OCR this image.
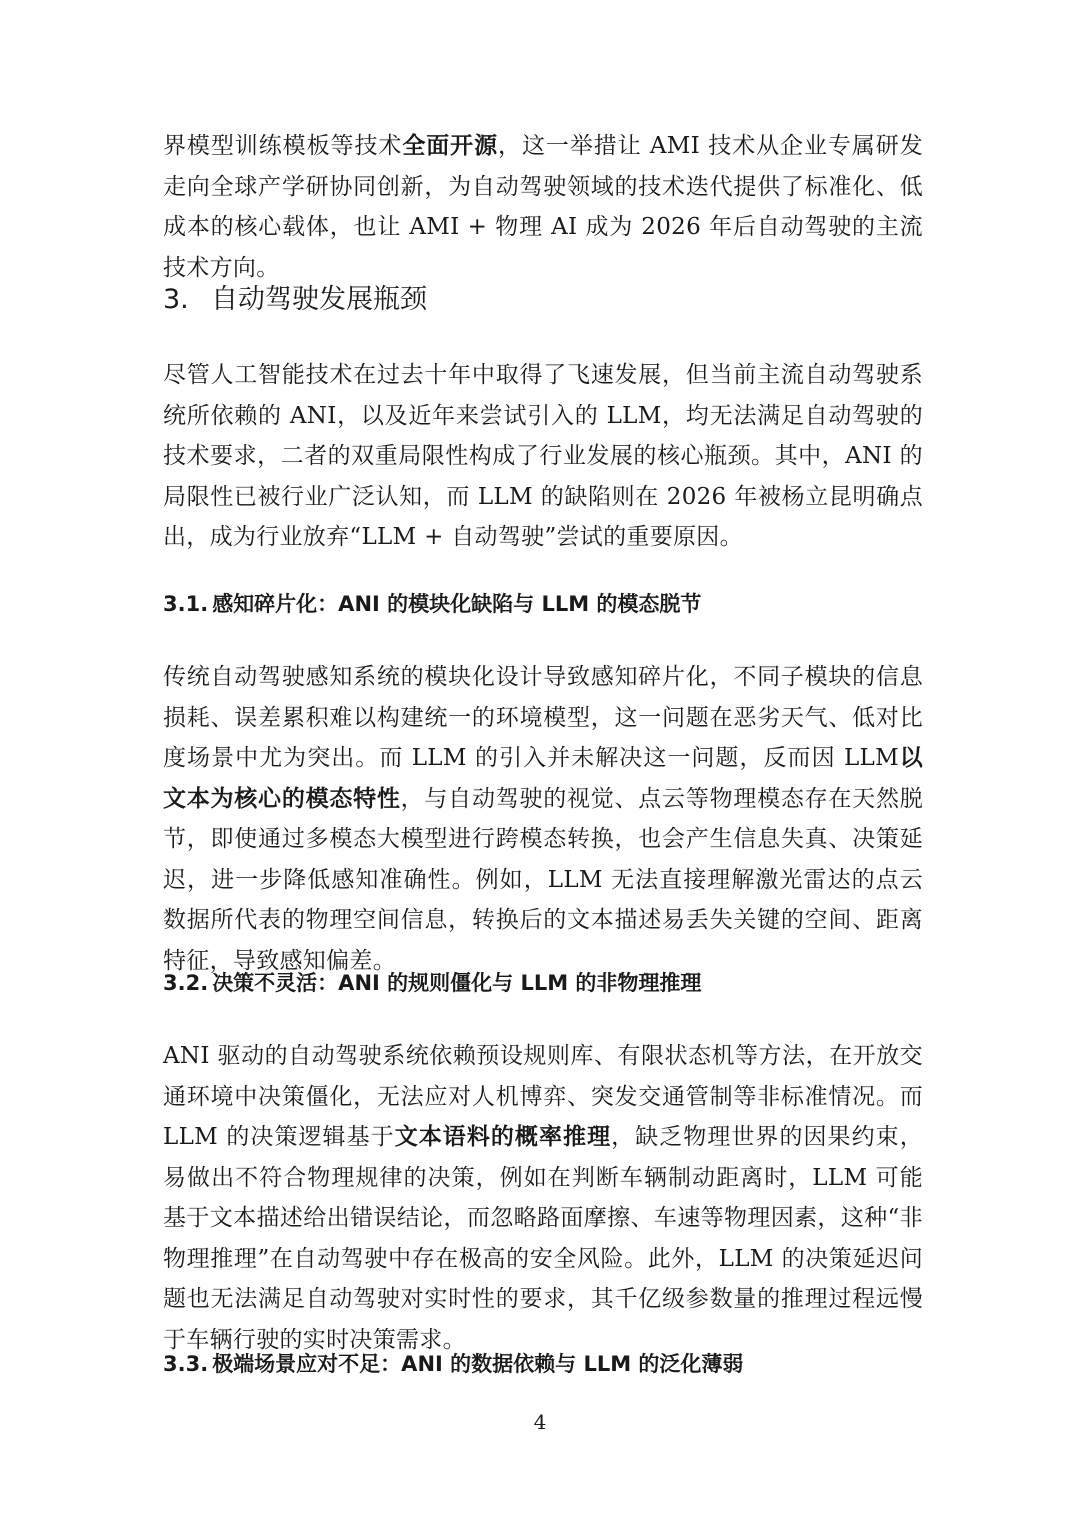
界模型训练模板等技术全面开源，这一举措让 AMI 技术从企业专属研发走向全球产学研协同创新，为自动驾驶领域的技术迭代提供了标准化、低成本的核心载体，也让 AMI + 物理 AI 成为 2026 年后自动驾驶的主流技术方向。

3. 自动驾驶发展瓶颈

尽管人工智能技术在过去十年中取得了飞速发展，但当前主流自动驾驶系统所依赖的 ANI，以及近年来尝试引入的 LLM，均无法满足自动驾驶的技术要求，二者的双重局限性构成了行业发展的核心瓶颈。其中，ANI 的局限性已被行业广泛认知，而 LLM 的缺陷则在 2026 年被杨立昆明确点出，成为行业放弃“LLM + 自动驾驶”尝试的重要原因。

3.1. 感知碎片化：ANI 的模块化缺陷与 LLM 的模态脱节

传统自动驾驶感知系统的模块化设计导致感知碎片化，不同子模块的信息损耗、误差累积难以构建统一的环境模型，这一问题在恶劣天气、低对比度场景中尤为突出。而 LLM 的引入并未解决这一问题，反而因 LLM以文本为核心的模态特性，与自动驾驶的视觉、点云等物理模态存在天然脱节，即使通过多模态大模型进行跨模态转换，也会产生信息失真、决策延迟，进一步降低感知准确性。例如，LLM 无法直接理解激光雷达的点云数据所代表的物理空间信息，转换后的文本描述易丢失关键的空间、距离特征，导致感知偏差。

3.2. 决策不灵活：ANI 的规则僵化与 LLM 的非物理推理

ANI 驱动的自动驾驶系统依赖预设规则库、有限状态机等方法，在开放交通环境中决策僵化，无法应对人机博弈、突发交通管制等非标准情况。而 LLM 的决策逻辑基于文本语料的概率推理，缺乏物理世界的因果约束，易做出不符合物理规律的决策，例如在判断车辆制动距离时，LLM 可能基于文本描述给出错误结论，而忽略路面摩擦、车速等物理因素，这种“非物理推理”在自动驾驶中存在极高的安全风险。此外，LLM 的决策延迟问题也无法满足自动驾驶对实时性的要求，其千亿级参数量的推理过程远慢于车辆行驶的实时决策需求。

3.3. 极端场景应对不足：ANI 的数据依赖与 LLM 的泛化薄弱
4
